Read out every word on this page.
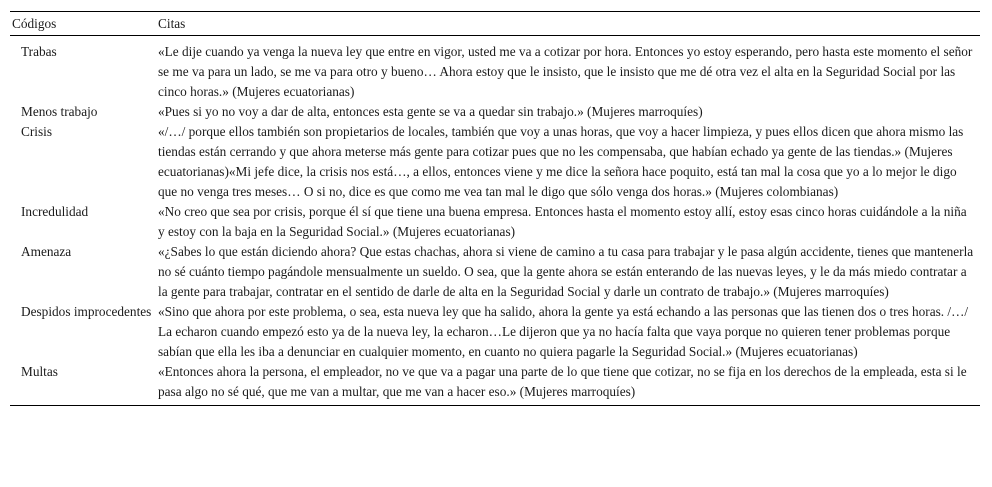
Códigos	Citas
Trabas	«Le dije cuando ya venga la nueva ley que entre en vigor, usted me va a cotizar por hora. Entonces yo estoy esperando, pero hasta este momento el señor se me va para un lado, se me va para otro y bueno… Ahora estoy que le insisto, que le insisto que me dé otra vez el alta en la Seguridad Social por las cinco horas.» (Mujeres ecuatorianas)
Menos trabajo	«Pues si yo no voy a dar de alta, entonces esta gente se va a quedar sin trabajo.» (Mujeres marroquíes)
Crisis	«/…/ porque ellos también son propietarios de locales, también que voy a unas horas, que voy a hacer limpieza, y pues ellos dicen que ahora mismo las tiendas están cerrando y que ahora meterse más gente para cotizar pues que no les compensaba, que habían echado ya gente de las tiendas.» (Mujeres ecuatorianas)«Mi jefe dice, la crisis nos está…, a ellos, entonces viene y me dice la señora hace poquito, está tan mal la cosa que yo a lo mejor le digo que no venga tres meses… O si no, dice es que como me vea tan mal le digo que sólo venga dos horas.» (Mujeres colombianas)
Incredulidad	«No creo que sea por crisis, porque él sí que tiene una buena empresa. Entonces hasta el momento estoy allí, estoy esas cinco horas cuidándole a la niña y estoy con la baja en la Seguridad Social.» (Mujeres ecuatorianas)
Amenaza	«¿Sabes lo que están diciendo ahora? Que estas chachas, ahora si viene de camino a tu casa para trabajar y le pasa algún accidente, tienes que mantenerla no sé cuánto tiempo pagándole mensualmente un sueldo. O sea, que la gente ahora se están enterando de las nuevas leyes, y le da más miedo contratar a la gente para trabajar, contratar en el sentido de darle de alta en la Seguridad Social y darle un contrato de trabajo.» (Mujeres marroquíes)
Despidos improcedentes	«Sino que ahora por este problema, o sea, esta nueva ley que ha salido, ahora la gente ya está echando a las personas que las tienen dos o tres horas. /…/ La echaron cuando empezó esto ya de la nueva ley, la echaron…Le dijeron que ya no hacía falta que vaya porque no quieren tener problemas porque sabían que ella les iba a denunciar en cualquier momento, en cuanto no quiera pagarle la Seguridad Social.» (Mujeres ecuatorianas)
Multas	«Entonces ahora la persona, el empleador, no ve que va a pagar una parte de lo que tiene que cotizar, no se fija en los derechos de la empleada, esta si le pasa algo no sé qué, que me van a multar, que me van a hacer eso.» (Mujeres marroquíes)
